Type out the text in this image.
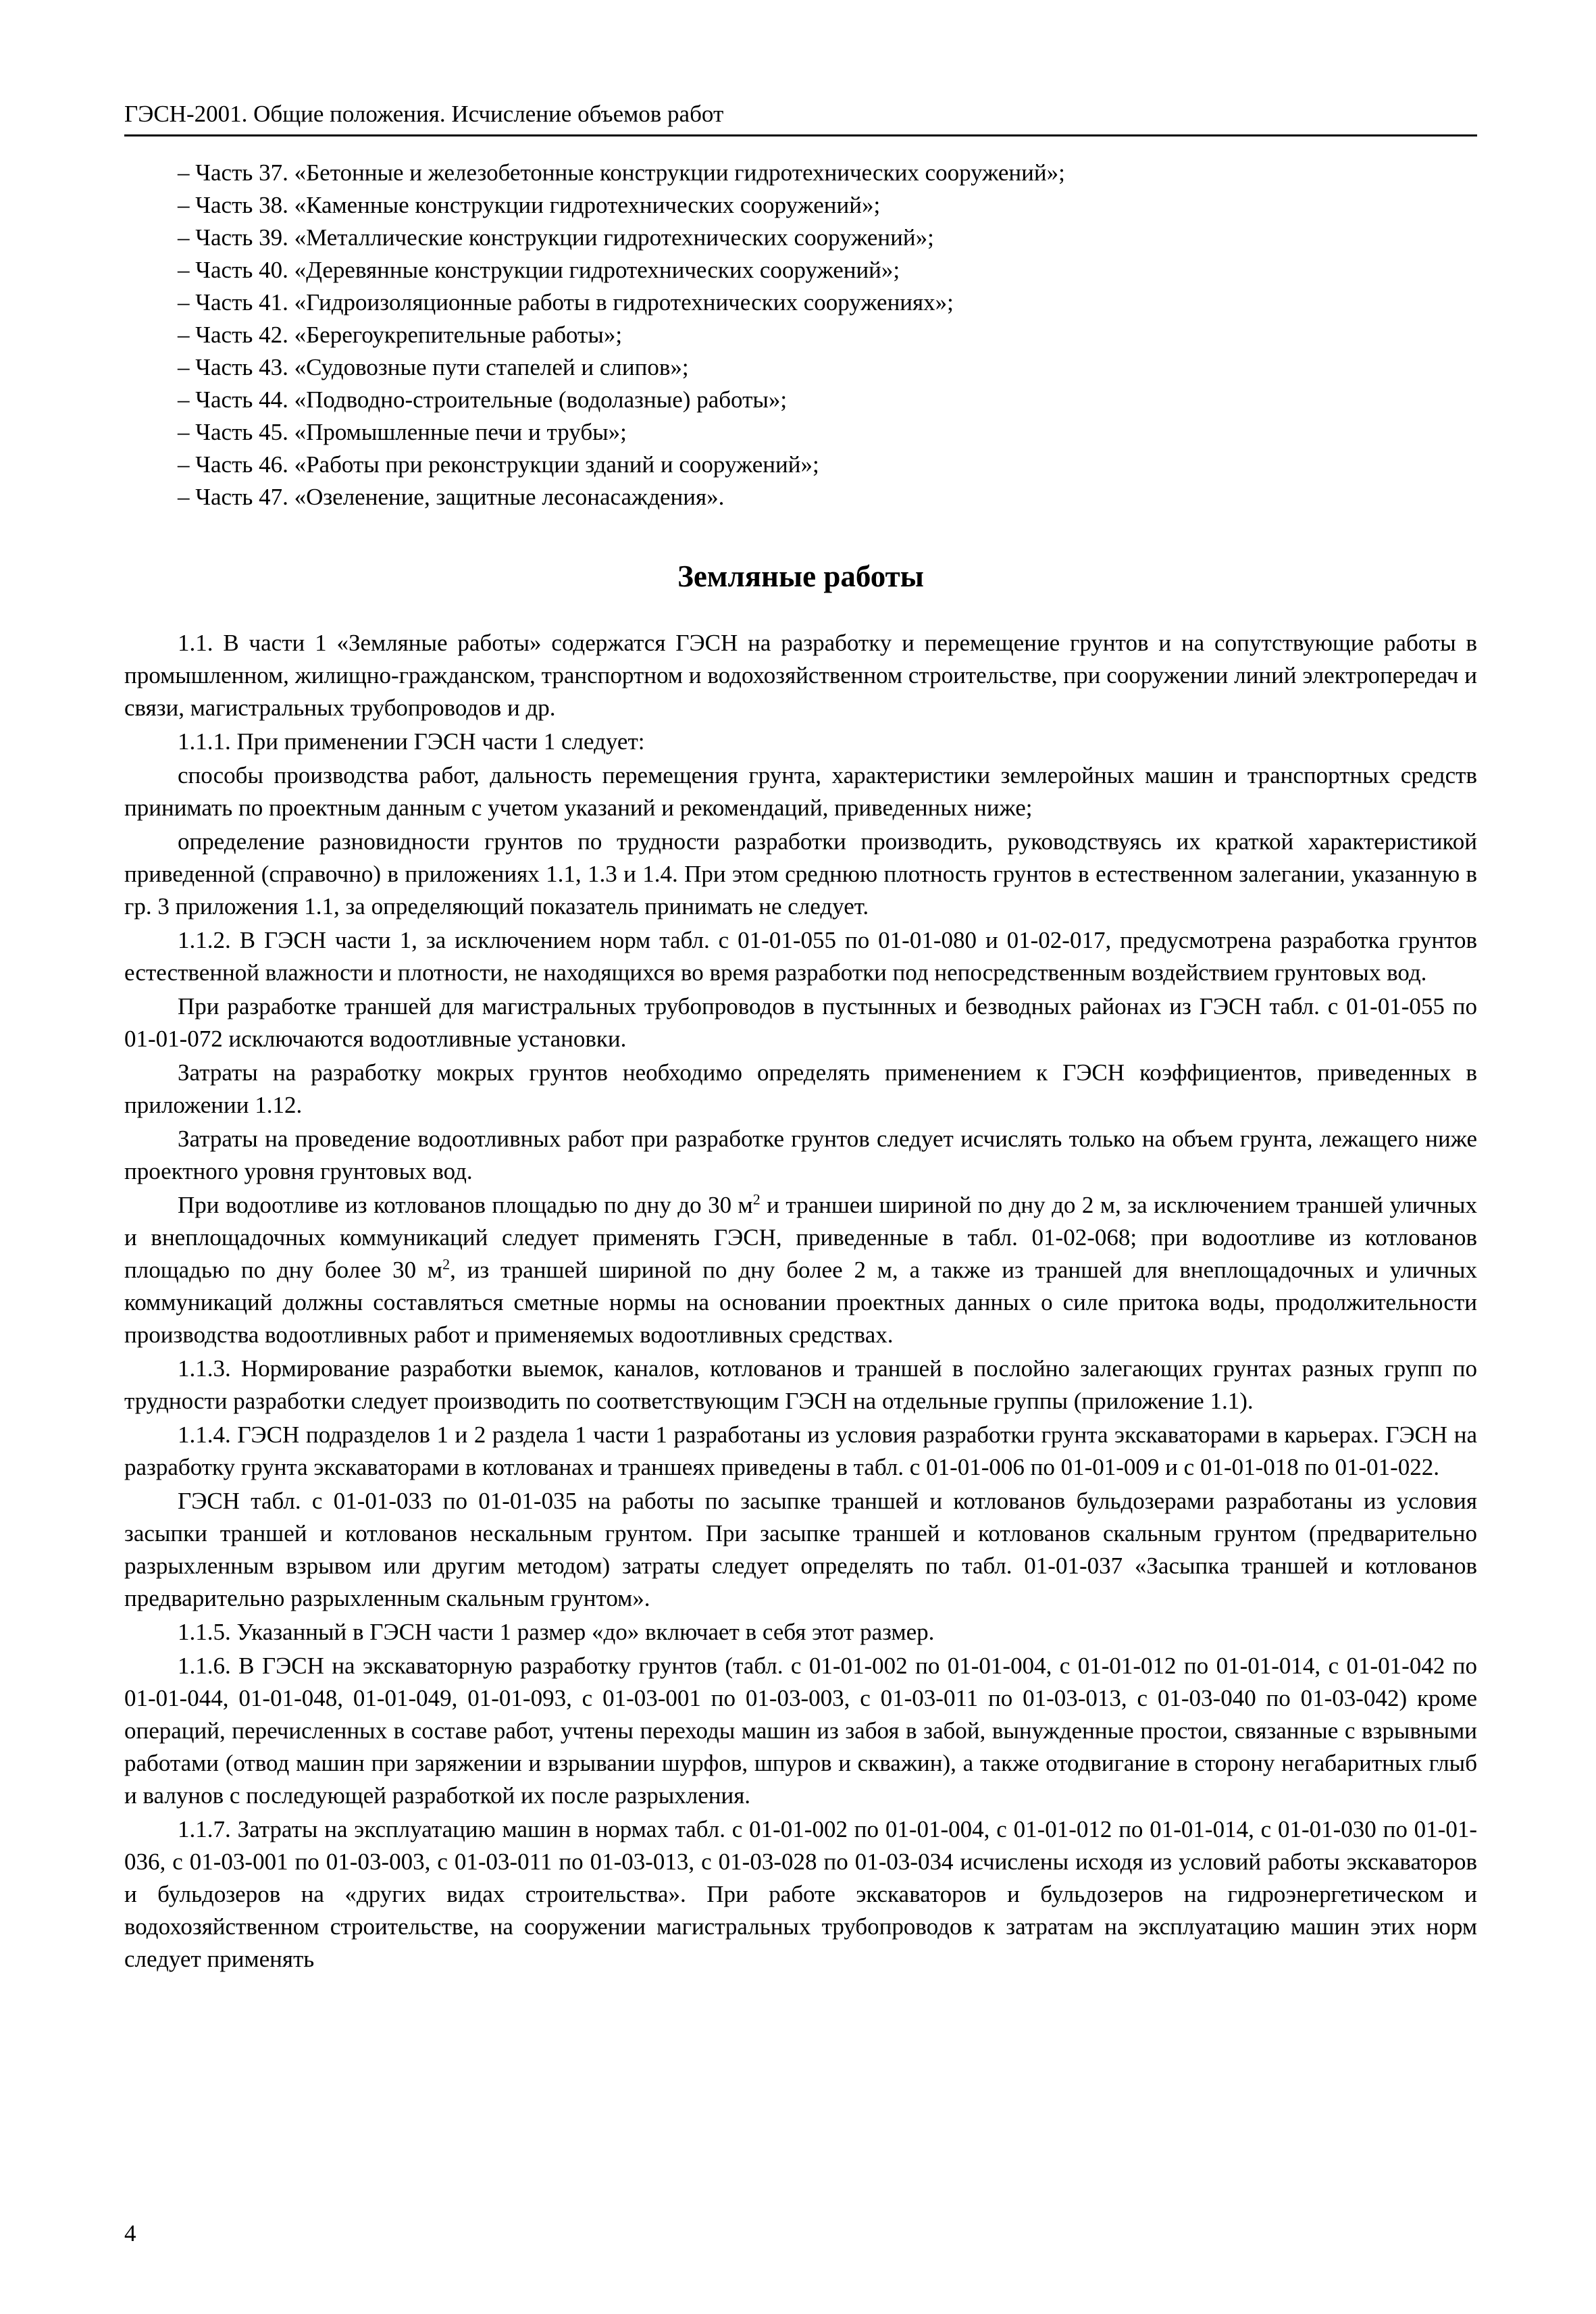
ГЭСН-2001. Общие положения. Исчисление объемов работ
– Часть 37. «Бетонные и железобетонные конструкции гидротехнических сооружений»;
– Часть 38. «Каменные конструкции гидротехнических сооружений»;
– Часть 39. «Металлические конструкции гидротехнических сооружений»;
– Часть 40. «Деревянные конструкции гидротехнических сооружений»;
– Часть 41. «Гидроизоляционные работы в гидротехнических сооружениях»;
– Часть 42. «Берегоукрепительные работы»;
– Часть 43. «Судовозные пути стапелей и слипов»;
– Часть 44. «Подводно-строительные (водолазные) работы»;
– Часть 45. «Промышленные печи и трубы»;
– Часть 46. «Работы при реконструкции зданий и сооружений»;
– Часть 47. «Озеленение, защитные лесонасаждения».
Земляные работы

1.1. В части 1 «Земляные работы» содержатся ГЭСН на разработку и перемещение грунтов и на сопутствующие работы в промышленном, жилищно-гражданском, транспортном и водохозяйственном строительстве, при сооружении линий электропередач и связи, магистральных трубопроводов и др.

1.1.1. При применении ГЭСН части 1 следует:

способы производства работ, дальность перемещения грунта, характеристики землеройных машин и транспортных средств принимать по проектным данным с учетом указаний и рекомендаций, приведенных ниже;

определение разновидности грунтов по трудности разработки производить, руководствуясь их краткой характеристикой приведенной (справочно) в приложениях 1.1, 1.3 и 1.4. При этом среднюю плотность грунтов в естественном залегании, указанную в гр. 3 приложения 1.1, за определяющий показатель принимать не следует.

1.1.2. В ГЭСН части 1, за исключением норм табл. с 01-01-055 по 01-01-080 и 01-02-017, предусмотрена разработка грунтов естественной влажности и плотности, не находящихся во время разработки под непосредственным воздействием грунтовых вод.

При разработке траншей для магистральных трубопроводов в пустынных и безводных районах из ГЭСН табл. с 01-01-055 по 01-01-072 исключаются водоотливные установки.

Затраты на разработку мокрых грунтов необходимо определять применением к ГЭСН коэффициентов, приведенных в приложении 1.12.

Затраты на проведение водоотливных работ при разработке грунтов следует исчислять только на объем грунта, лежащего ниже проектного уровня грунтовых вод.

При водоотливе из котлованов площадью по дну до 30 $м^2$ и траншеи шириной по дну до 2 м, за исключением траншей уличных и внеплощадочных коммуникаций следует применять ГЭСН, приведенные в табл. 01-02-068; при водоотливе из котлованов площадью по дну более 30 $м^2$, из траншей шириной по дну более 2 м, а также из траншей для внеплощадочных и уличных коммуникаций должны составляться сметные нормы на основании проектных данных о силе притока воды, продолжительности производства водоотливных работ и применяемых водоотливных средствах.

1.1.3. Нормирование разработки выемок, каналов, котлованов и траншей в послойно залегающих грунтах разных групп по трудности разработки следует производить по соответствующим ГЭСН на отдельные группы (приложение 1.1).

1.1.4. ГЭСН подразделов 1 и 2 раздела 1 части 1 разработаны из условия разработки грунта экскаваторами в карьерах. ГЭСН на разработку грунта экскаваторами в котлованах и траншеях приведены в табл. с 01-01-006 по 01-01-009 и с 01-01-018 по 01-01-022.

ГЭСН табл. с 01-01-033 по 01-01-035 на работы по засыпке траншей и котлованов бульдозерами разработаны из условия засыпки траншей и котлованов нескальным грунтом. При засыпке траншей и котлованов скальным грунтом (предварительно разрыхленным взрывом или другим методом) затраты следует определять по табл. 01-01-037 «Засыпка траншей и котлованов предварительно разрыхленным скальным грунтом».

1.1.5. Указанный в ГЭСН части 1 размер «до» включает в себя этот размер.

1.1.6. В ГЭСН на экскаваторную разработку грунтов (табл. с 01-01-002 по 01-01-004, с 01-01-012 по 01-01-014, с 01-01-042 по 01-01-044, 01-01-048, 01-01-049, 01-01-093, с 01-03-001 по 01-03-003, с 01-03-011 по 01-03-013, с 01-03-040 по 01-03-042) кроме операций, перечисленных в составе работ, учтены переходы машин из забоя в забой, вынужденные простои, связанные с взрывными работами (отвод машин при заряжении и взрывании шурфов, шпуров и скважин), а также отодвигание в сторону негабаритных глыб и валунов с последующей разработкой их после разрыхления.

1.1.7. Затраты на эксплуатацию машин в нормах табл. с 01-01-002 по 01-01-004, с 01-01-012 по 01-01-014, с 01-01-030 по 01-01-036, с 01-03-001 по 01-03-003, с 01-03-011 по 01-03-013, с 01-03-028 по 01-03-034 исчислены исходя из условий работы экскаваторов и бульдозеров на «других видах строительства». При работе экскаваторов и бульдозеров на гидроэнергетическом и водохозяйственном строительстве, на сооружении магистральных трубопроводов к затратам на эксплуатацию машин этих норм следует применять

4
